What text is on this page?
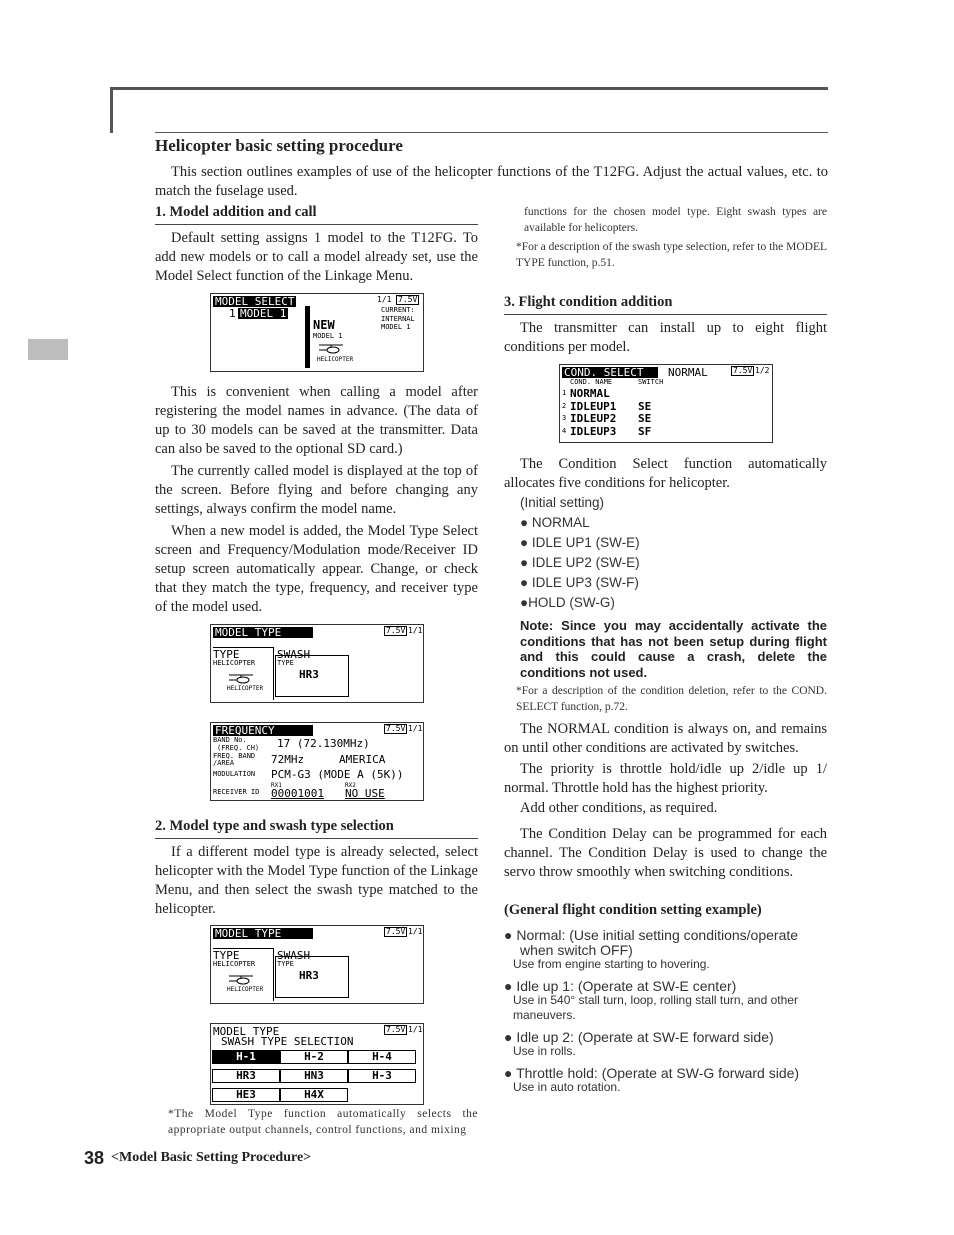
Helicopter basic setting procedure
This section outlines examples of use of the helicopter functions of the T12FG. Adjust the actual values, etc. to match the fuselage used.
1. Model addition and call

Default setting assigns 1 model to the T12FG. To add new models or to call a model already set, use the Model Select function of the Linkage Menu.

MODEL SELECT	1/1 7.5V
1 MODEL 1	CURRENT:
INTERNAL
MODEL 1
NEW
MODEL 1
HELICOPTER

This is convenient when calling a model after registering the model names in advance. (The data of up to 30 models can be saved at the transmitter. Data can also be saved to the optional SD card.)

The currently called model is displayed at the top of the screen. Before flying and before changing any settings, always confirm the model name.

When a new model is added, the Model Type Select screen and Frequency/Modulation mode/Receiver ID setup screen automatically appear. Change, or check that they match the type, frequency, and receiver type of the model used.

MODEL TYPE	7.5V 1/1
TYPE
HELICOPTER
HELICOPTER
SWASH
TYPE
HR3
FREQUENCY	7.5V 1/1
BAND No.
(FREQ. CH) 17 (72.130MHz)
FREQ. BAND
/AREA	72MHz	AMERICA
MODULATION PCM-G3 (MODE A (5K))
RX1	RX2
RECEIVER ID 00001001 NO USE
2. Model type and swash type selection

If a different model type is already selected, select helicopter with the Model Type function of the Linkage Menu, and then select the swash type matched to the helicopter.

MODEL TYPE	7.5V 1/1
TYPE
HELICOPTER
HELICOPTER
SWASH
TYPE
HR3
MODEL TYPE
SWASH TYPE SELECTION
7.5V 1/1
H-1	H-2	H-4
HR3	HN3	H-3
HE3	H4X
*The Model Type function automatically selects the appropriate output channels, control functions, and mixing
functions for the chosen model type. Eight swash types are available for helicopters.
*For a description of the swash type selection, refer to the MODEL TYPE function, p.51.
3. Flight condition addition

The transmitter can install up to eight flight conditions per model.

COND. SELECT	NORMAL	7.5V 1/2
COND. NAME	SWITCH
1 NORMAL
2 IDLEUP1 SE
3 IDLEUP2 SE
4 IDLEUP3 SF

The Condition Select function automatically allocates five conditions for helicopter.

(Initial setting)
● NORMAL
● IDLE UP1 (SW-E)
● IDLE UP2 (SW-E)
● IDLE UP3 (SW-F)
●HOLD (SW-G)
Note: Since you may accidentally activate the conditions that has not been setup during flight and this could cause a crash, delete the conditions not used.
*For a description of the condition deletion, refer to the COND. SELECT function, p.72.

The NORMAL condition is always on, and remains on until other conditions are activated by switches.

The priority is throttle hold/idle up 2/idle up 1/ normal. Throttle hold has the highest priority.

Add other conditions, as required.

The Condition Delay can be programmed for each channel. The Condition Delay is used to change the servo throw smoothly when switching conditions.

(General flight condition setting example)
● Normal: (Use initial setting conditions/operate
when switch OFF)
Use from engine starting to hovering.
● Idle up 1: (Operate at SW-E center)
Use in 540° stall turn, loop, rolling stall turn, and other
maneuvers.
● Idle up 2: (Operate at SW-E forward side)
Use in rolls.
● Throttle hold: (Operate at SW-G forward side)
Use in auto rotation.
38 <Model Basic Setting Procedure>
